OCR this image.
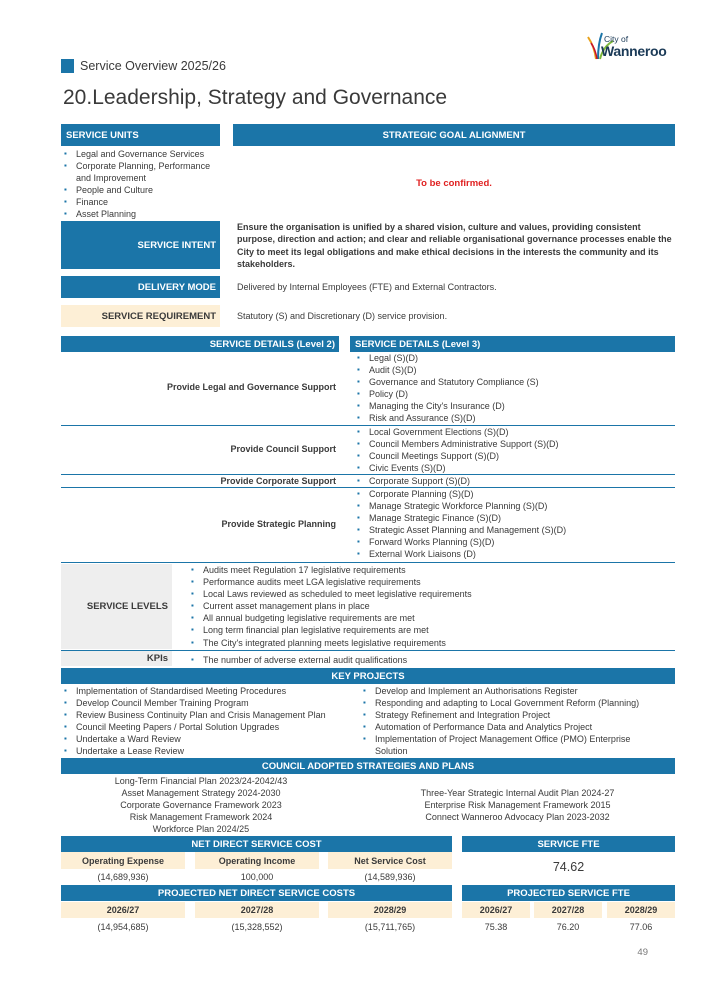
Service Overview 2025/26
City of
Wanneroo
20.Leadership, Strategy and Governance
SERVICE UNITS	STRATEGIC GOAL ALIGNMENT
▪ Legal and Governance Services
▪ Corporate Planning, Performance and Improvement
▪ People and Culture
▪ Finance
▪ Asset Planning
To be confirmed.
SERVICE INTENT
Ensure the organisation is unified by a shared vision, culture and values, providing consistent purpose, direction and action; and clear and reliable organisational governance processes enable the City to meet its legal obligations and make ethical decisions in the interests the community and its stakeholders.
DELIVERY MODE Delivered by Internal Employees (FTE) and External Contractors.
SERVICE REQUIREMENT Statutory (S) and Discretionary (D) service provision.
SERVICE DETAILS (Level 2) SERVICE DETAILS (Level 3)
Provide Legal and Governance Support
▪ Legal (S)(D)
▪ Audit (S)(D)
▪ Governance and Statutory Compliance (S)
▪ Policy (D)
▪ Managing the City's Insurance (D)
▪ Risk and Assurance (S)(D)
Provide Council Support
▪ Local Government Elections (S)(D)
▪ Council Members Administrative Support (S)(D)
▪ Council Meetings Support (S)(D)
▪ Civic Events (S)(D)
Provide Corporate Support	▪ Corporate Support (S)(D)
Provide Strategic Planning
▪ Corporate Planning (S)(D)
▪ Manage Strategic Workforce Planning (S)(D)
▪ Manage Strategic Finance (S)(D)
▪ Strategic Asset Planning and Management (S)(D)
▪ Forward Works Planning (S)(D)
▪ External Work Liaisons (D)
SERVICE LEVELS
▪ Audits meet Regulation 17 legislative requirements
▪ Performance audits meet LGA legislative requirements
▪ Local Laws reviewed as scheduled to meet legislative requirements
▪ Current asset management plans in place
▪ All annual budgeting legislative requirements are met
▪ Long term financial plan legislative requirements are met
▪ The City's integrated planning meets legislative requirements
KPIs	▪ The number of adverse external audit qualifications
KEY PROJECTS
▪ Implementation of Standardised Meeting Procedures
▪ Develop Council Member Training Program
▪ Review Business Continuity Plan and Crisis Management Plan
▪ Council Meeting Papers / Portal Solution Upgrades
▪ Undertake a Ward Review
▪ Undertake a Lease Review
▪ Develop and Implement an Authorisations Register
▪ Responding and adapting to Local Government Reform (Planning)
▪ Strategy Refinement and Integration Project
▪ Automation of Performance Data and Analytics Project
▪ Implementation of Project Management Office (PMO) Enterprise Solution
COUNCIL ADOPTED STRATEGIES AND PLANS
Long-Term Financial Plan 2023/24-2042/43
Asset Management Strategy 2024-2030
Corporate Governance Framework 2023
Risk Management Framework 2024
Workforce Plan 2024/25
Three-Year Strategic Internal Audit Plan 2024-27
Enterprise Risk Management Framework 2015
Connect Wanneroo Advocacy Plan 2023-2032
NET DIRECT SERVICE COST
Operating Expense	Operating Income	Net Service Cost
(14,689,936)	100,000	(14,589,936)
SERVICE FTE
74.62
PROJECTED NET DIRECT SERVICE COSTS
2026/27	2027/28	2028/29
(14,954,685)	(15,328,552)	(15,711,765)
PROJECTED SERVICE FTE
2026/27	2027/28	2028/29
75.38	76.20	77.06
49
